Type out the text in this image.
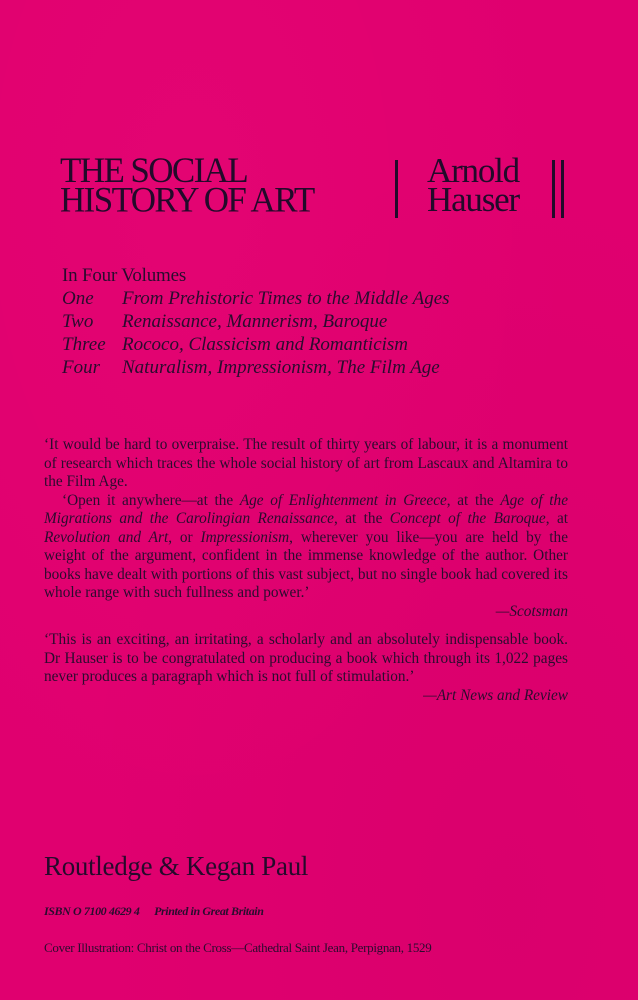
THE SOCIAL
HISTORY OF ART
Arnold
Hauser
In Four Volumes
One	From Prehistoric Times to the Middle Ages
Two	Renaissance, Mannerism, Baroque
Three Rococo, Classicism and Romanticism
Four	Naturalism, Impressionism, The Film Age

‘It would be hard to overpraise. The result of thirty years of labour, it is a monument of research which traces the whole social history of art from Lascaux and Altamira to the Film Age.

‘Open it anywhere—at the Age of Enlightenment in Greece, at the Age of the Migrations and the Carolingian Renaissance, at the Concept of the Baroque, at Revolution and Art, or Impressionism, wherever you like—you are held by the weight of the argument, confident in the immense knowledge of the author. Other books have dealt with portions of this vast subject, but no single book had covered its whole range with such fullness and power.’

—Scotsman

‘This is an exciting, an irritating, a scholarly and an absolutely indispensable book. Dr Hauser is to be congratulated on producing a book which through its 1,022 pages never produces a paragraph which is not full of stimulation.’

—Art News and Review

Routledge & Kegan Paul
ISBN O 7100 4629 4 Printed in Great Britain
Cover Illustration: Christ on the Cross—Cathedral Saint Jean, Perpignan, 1529
